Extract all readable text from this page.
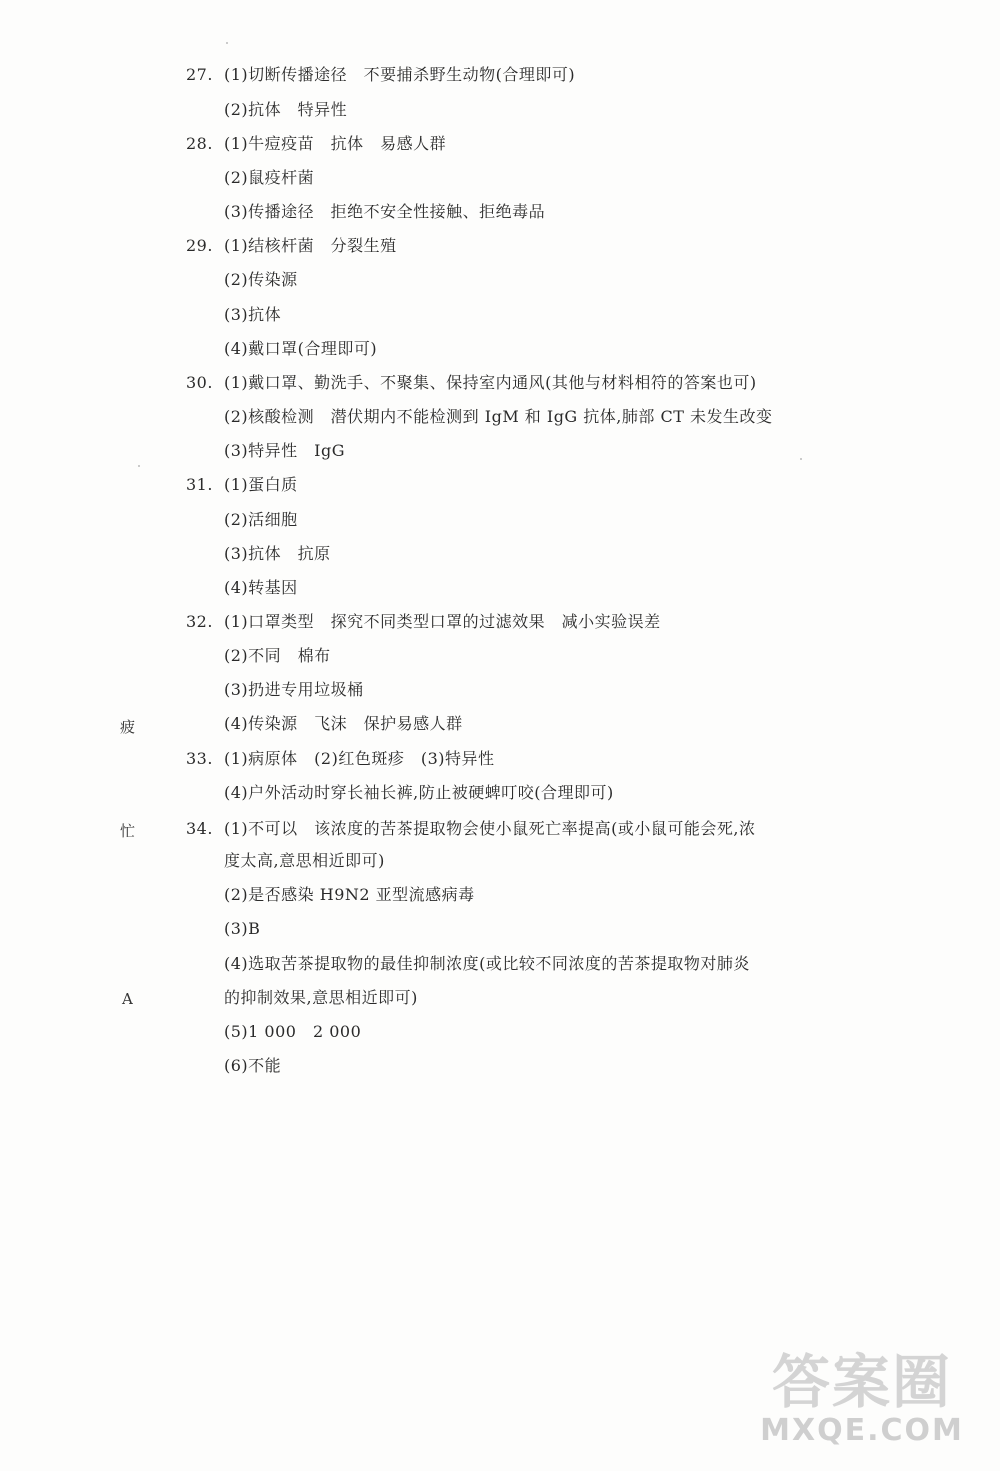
疲
忙
A
27. (1)切断传播途径　不要捕杀野生动物(合理即可)
(2)抗体　特异性
28. (1)牛痘疫苗　抗体　易感人群
(2)鼠疫杆菌
(3)传播途径　拒绝不安全性接触、拒绝毒品
29. (1)结核杆菌　分裂生殖
(2)传染源
(3)抗体
(4)戴口罩(合理即可)
30. (1)戴口罩、勤洗手、不聚集、保持室内通风(其他与材料相符的答案也可)
(2)核酸检测　潜伏期内不能检测到 IgM 和 IgG 抗体,肺部 CT 未发生改变
(3)特异性　IgG
31. (1)蛋白质
(2)活细胞
(3)抗体　抗原
(4)转基因
32. (1)口罩类型　探究不同类型口罩的过滤效果　减小实验误差
(2)不同　棉布
(3)扔进专用垃圾桶
(4)传染源　飞沫　保护易感人群
33. (1)病原体　(2)红色斑疹　(3)特异性
(4)户外活动时穿长袖长裤,防止被硬蜱叮咬(合理即可)
34. (1)不可以　该浓度的苦茶提取物会使小鼠死亡率提高(或小鼠可能会死,浓
度太高,意思相近即可)
(2)是否感染 H9N2 亚型流感病毒
(3)B
(4)选取苦茶提取物的最佳抑制浓度(或比较不同浓度的苦茶提取物对肺炎
的抑制效果,意思相近即可)
(5)1 000　2 000
(6)不能
答案圈
MXQE.COM
